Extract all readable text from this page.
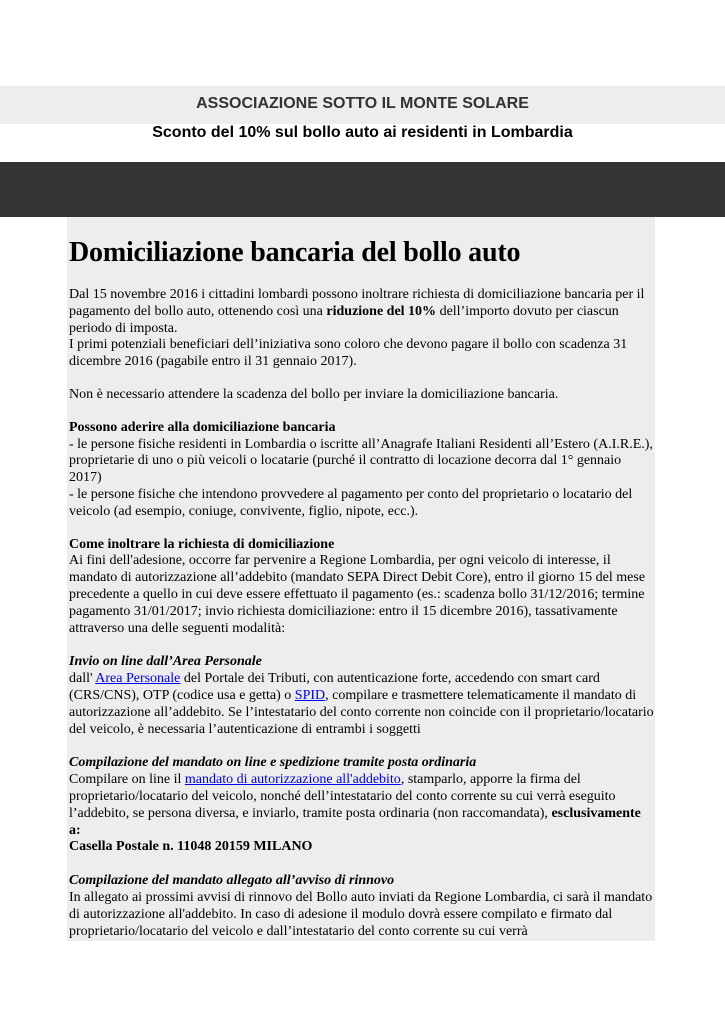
ASSOCIAZIONE SOTTO IL MONTE SOLARE
Sconto del 10% sul bollo auto ai residenti in Lombardia
Domiciliazione bancaria del bollo auto

Dal 15 novembre 2016 i cittadini lombardi possono inoltrare richiesta di domiciliazione bancaria per il pagamento del bollo auto, ottenendo così una riduzione del 10% dell’importo dovuto per ciascun periodo di imposta.

I primi potenziali beneficiari dell’iniziativa sono coloro che devono pagare il bollo con scadenza 31 dicembre 2016 (pagabile entro il 31 gennaio 2017).

Non è necessario attendere la scadenza del bollo per inviare la domiciliazione bancaria.

Possono aderire alla domiciliazione bancaria

- le persone fisiche residenti in Lombardia o iscritte all’Anagrafe Italiani Residenti all’Estero (A.I.R.E.), proprietarie di uno o più veicoli o locatarie (purché il contratto di locazione decorra dal 1° gennaio 2017)

- le persone fisiche che intendono provvedere al pagamento per conto del proprietario o locatario del veicolo (ad esempio, coniuge, convivente, figlio, nipote, ecc.).

Come inoltrare la richiesta di domiciliazione

Ai fini dell'adesione, occorre far pervenire a Regione Lombardia, per ogni veicolo di interesse, il mandato di autorizzazione all’addebito (mandato SEPA Direct Debit Core), entro il giorno 15 del mese precedente a quello in cui deve essere effettuato il pagamento (es.: scadenza bollo 31/12/2016; termine pagamento 31/01/2017; invio richiesta domiciliazione: entro il 15 dicembre 2016), tassativamente attraverso una delle seguenti modalità:

Invio on line dall’Area Personale

dall' Area Personale del Portale dei Tributi, con autenticazione forte, accedendo con smart card (CRS/CNS), OTP (codice usa e getta) o SPID, compilare e trasmettere telematicamente il mandato di autorizzazione all’addebito. Se l’intestatario del conto corrente non coincide con il proprietario/locatario del veicolo, è necessaria l’autenticazione di entrambi i soggetti

Compilazione del mandato on line e spedizione tramite posta ordinaria

Compilare on line il mandato di autorizzazione all'addebito, stamparlo, apporre la firma del proprietario/locatario del veicolo, nonché dell’intestatario del conto corrente su cui verrà eseguito l’addebito, se persona diversa, e inviarlo, tramite posta ordinaria (non raccomandata), esclusivamente a:

Casella Postale n. 11048 20159 MILANO

Compilazione del mandato allegato all’avviso di rinnovo

In allegato ai prossimi avvisi di rinnovo del Bollo auto inviati da Regione Lombardia, ci sarà il mandato di autorizzazione all'addebito. In caso di adesione il modulo dovrà essere compilato e firmato dal proprietario/locatario del veicolo e dall’intestatario del conto corrente su cui verrà
